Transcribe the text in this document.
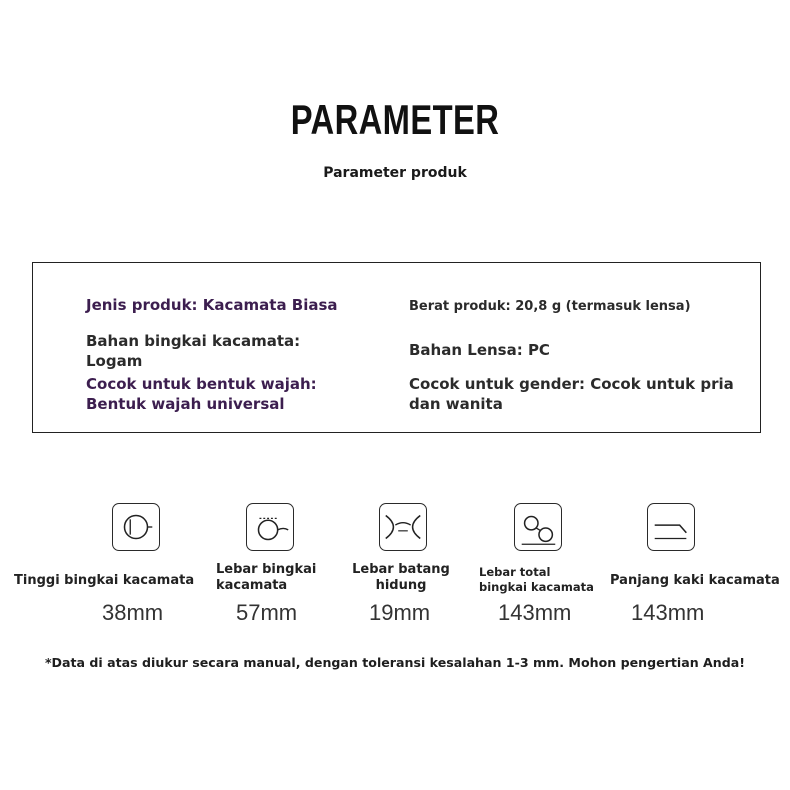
PARAMETER
Parameter produk
Jenis produk: Kacamata Biasa	Berat produk: 20,8 g (termasuk lensa)
Bahan bingkai kacamata:
Logam
Bahan Lensa: PC
Cocok untuk bentuk wajah:
Bentuk wajah universal
Cocok untuk gender: Cocok untuk pria
dan wanita
Tinggi bingkai kacamata
38mm
Lebar bingkai
kacamata
57mm
Lebar batang
hidung
19mm
Lebar total
bingkai kacamata
143mm
Panjang kaki kacamata
143mm
*Data di atas diukur secara manual, dengan toleransi kesalahan 1-3 mm. Mohon pengertian Anda!
